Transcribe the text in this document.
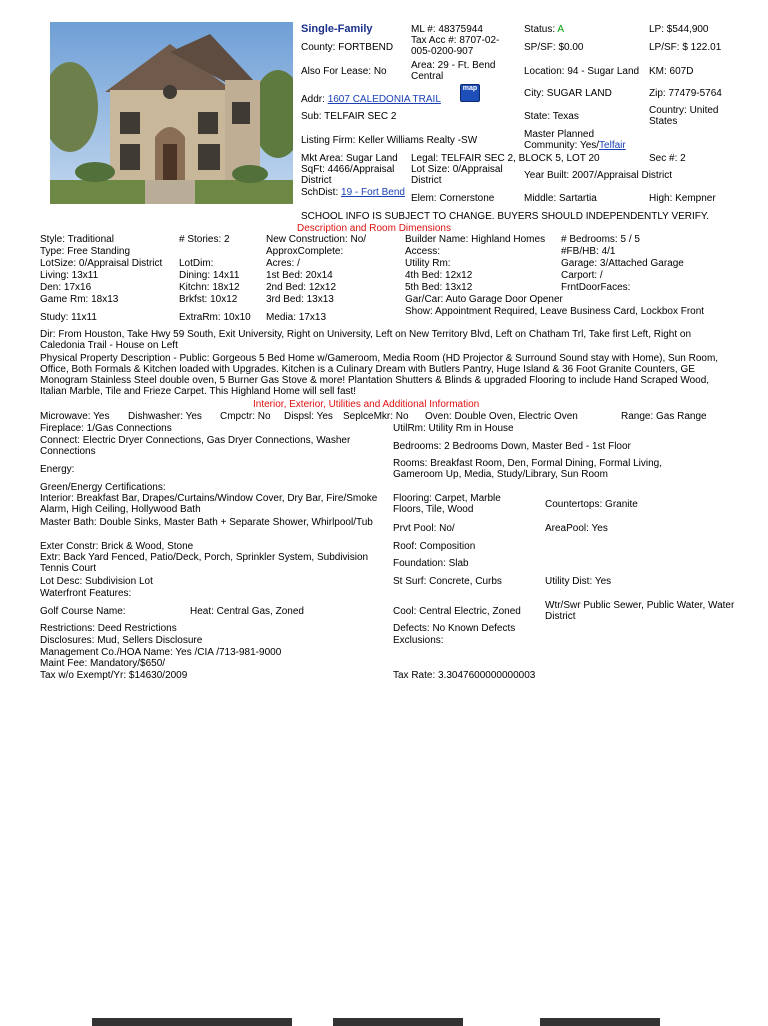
Single-Family	ML #: 48375944	Status: A	LP: $544,900
County: FORTBEND
Tax Acc #: 8707-02-005-0200-907	SP/SF: $0.00	LP/SF: $ 122.01
Also For Lease: No
Area: 29 - Ft. Bend Central	Location: 94 - Sugar Land KM: 607D
Addr: 1607 CALEDONIA TRAIL
map	City: SUGAR LAND	Zip: 77479-5764
Sub: TELFAIR SEC 2	State: Texas
Country: United States
Listing Firm: Keller Williams Realty -SW
Master Planned Community: Yes/Telfair
Mkt Area: Sugar Land Legal: TELFAIR SEC 2, BLOCK 5, LOT 20	Sec #: 2
SqFt: 4466/Appraisal District
Lot Size: 0/Appraisal District	Year Built: 2007/Appraisal District
SchDist: 19 - Fort Bend
Elem: Cornerstone	Middle: Sartartia	High: Kempner
SCHOOL INFO IS SUBJECT TO CHANGE. BUYERS SHOULD INDEPENDENTLY VERIFY.
Description and Room Dimensions
Style: Traditional	# Stories: 2	New Construction: No/	Builder Name: Highland Homes # Bedrooms: 5 / 5
Type: Free Standing	ApproxComplete:	Access:	#FB/HB: 4/1
LotSize: 0/Appraisal District LotDim:	Acres: /	Utility Rm:	Garage: 3/Attached Garage
Living: 13x11	Dining: 14x11	1st Bed: 20x14	4th Bed: 12x12	Carport: /
Den: 17x16	Kitchn: 18x12	2nd Bed: 12x12	5th Bed: 13x12	FrntDoorFaces:
Game Rm: 18x13	Brkfst: 10x12	3rd Bed: 13x13	Gar/Car: Auto Garage Door Opener
Study: 11x11	ExtraRm: 10x10 Media: 17x13
Show: Appointment Required, Leave Business Card, Lockbox Front
Dir: From Houston, Take Hwy 59 South, Exit University, Right on University, Left on New Territory Blvd, Left on Chatham Trl, Take first Left, Right on Caledonia Trail - House on Left
Physical Property Description - Public: Gorgeous 5 Bed Home w/Gameroom, Media Room (HD Projector & Surround Sound stay with Home), Sun Room, Office, Both Formals & Kitchen loaded with Upgrades. Kitchen is a Culinary Dream with Butlers Pantry, Huge Island & 36 Foot Granite Counters, GE Monogram Stainless Steel double oven, 5 Burner Gas Stove & more! Plantation Shutters & Blinds & upgraded Flooring to include Hand Scraped Wood, Italian Marble, Tile and Frieze Carpet. This Highland Home will sell fast!
Interior, Exterior, Utilities and Additional Information
Microwave: Yes Dishwasher: Yes Cmpctr: No Dispsl: Yes SeplceMkr: No Oven: Double Oven, Electric Oven	Range: Gas Range
Fireplace: 1/Gas Connections	UtilRm: Utility Rm in House
Connect: Electric Dryer Connections, Gas Dryer Connections, Washer Connections	Bedrooms: 2 Bedrooms Down, Master Bed - 1st Floor
Energy:
Rooms: Breakfast Room, Den, Formal Dining, Formal Living, Gameroom Up, Media, Study/Library, Sun Room
Green/Energy Certifications:
Interior: Breakfast Bar, Drapes/Curtains/Window Cover, Dry Bar, Fire/Smoke Alarm, High Ceiling, Hollywood Bath
Flooring: Carpet, Marble Floors, Tile, Wood	Countertops: Granite
Master Bath: Double Sinks, Master Bath + Separate Shower, Whirlpool/Tub
Prvt Pool: No/	AreaPool: Yes
Exter Constr: Brick & Wood, Stone	Roof: Composition
Extr: Back Yard Fenced, Patio/Deck, Porch, Sprinkler System, Subdivision Tennis Court	Foundation: Slab
Lot Desc: Subdivision Lot	St Surf: Concrete, Curbs	Utility Dist: Yes
Waterfront Features:
Golf Course Name:	Heat: Central Gas, Zoned	Cool: Central Electric, Zoned
Wtr/Swr Public Sewer, Public Water, Water District
Restrictions: Deed Restrictions	Defects: No Known Defects
Disclosures: Mud, Sellers Disclosure	Exclusions:
Management Co./HOA Name: Yes /CIA /713-981-9000
Maint Fee: Mandatory/$650/
Tax w/o Exempt/Yr: $14630/2009	Tax Rate: 3.3047600000000003
